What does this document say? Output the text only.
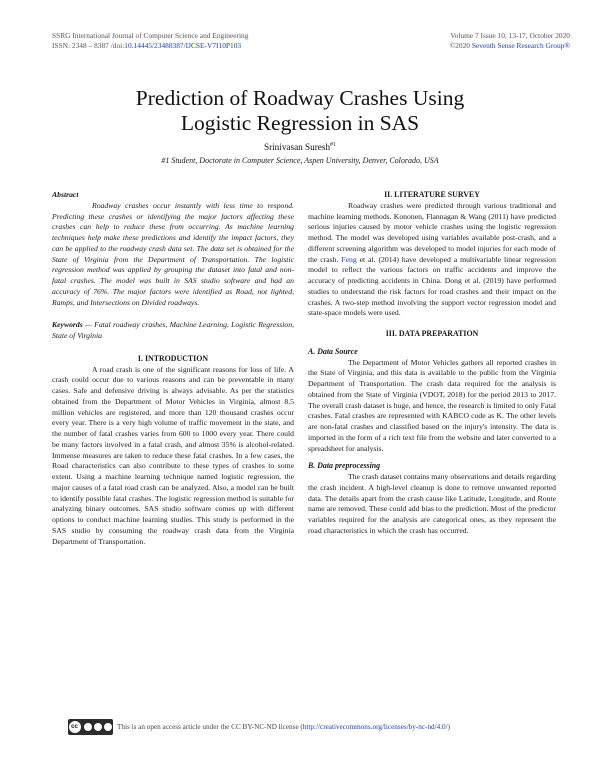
SSRG International Journal of Computer Science and Engineering
ISSN: 2348 – 8387 /doi:10.14445/23488387/IJCSE-V7I10P103
Volume 7 Issue 10, 13-17, October 2020
©2020 Seventh Sense Research Group®
Prediction of Roadway Crashes Using
Logistic Regression in SAS
Srinivasan Suresh$^{\#1}$
#1 Student, Doctorate in Computer Science, Aspen University, Denver, Colorado, USA
Abstract

Roadway crashes occur instantly with less time to respond. Predicting these crashes or identifying the major factors affecting these crashes can help to reduce these from occurring. As machine learning techniques help make these predictions and identify the impact factors, they can be applied to the roadway crash data set. The data set is obtained for the State of Virginia from the Department of Transportation. The logistic regression method was applied by grouping the dataset into fatal and non-fatal crashes. The model was built in SAS studio software and had an accuracy of 76%. The major factors were identified as Road, not lighted, Ramps, and Intersections on Divided roadways.

Keywords — Fatal roadway crashes, Machine Learning, Logistic Regression, State of Virginia
I. INTRODUCTION

A road crash is one of the significant reasons for loss of life. A crash could occur due to various reasons and can be preventable in many cases. Safe and defensive driving is always advisable. As per the statistics obtained from the Department of Motor Vehicles in Virginia, almost 8.5 million vehicles are registered, and more than 120 thousand crashes occur every year. There is a very high volume of traffic movement in the state, and the number of fatal crashes varies from 600 to 1000 every year. There could be many factors involved in a fatal crash, and almost 35% is alcohol-related. Immense measures are taken to reduce these fatal crashes. In a few cases, the Road characteristics can also contribute to these types of crashes to some extent. Using a machine learning technique named logistic regression, the major causes of a fatal road crash can be analyzed. Also, a model can be built to identify possible fatal crashes. The logistic regression method is suitable for analyzing binary outcomes. SAS studio software comes up with different options to conduct machine learning studies. This study is performed in the SAS studio by consuming the roadway crash data from the Virginia Department of Transportation.

II. LITERATURE SURVEY

Roadway crashes were predicted through various traditional and machine learning methods. Kononen, Flannagan & Wang (2011) have predicted serious injuries caused by motor vehicle crashes using the logistic regression method. The model was developed using variables available post-crash, and a different screening algorithm was developed to model injuries for each mode of the crash. Feng et al. (2014) have developed a multivariable linear regression model to reflect the various factors on traffic accidents and improve the accuracy of predicting accidents in China. Dong et al. (2019) have performed studies to understand the risk factors for road crashes and their impact on the crashes. A two-step method involving the support vector regression model and state-space models were used.

III. DATA PREPARATION
A. Data Source

The Department of Motor Vehicles gathers all reported crashes in the State of Virginia, and this data is available to the public from the Virginia Department of Transportation. The crash data required for the analysis is obtained from the State of Virginia (VDOT, 2018) for the period 2013 to 2017. The overall crash dataset is huge, and hence, the research is limited to only Fatal crashes. Fatal crashes are represented with KABCO code as K. The other levels are non-fatal crashes and classified based on the injury's intensity. The data is imported in the form of a rich text file from the website and later converted to a spreadsheet for analysis.

B. Data preprocessing

The crash dataset contains many observations and details regarding the crash incident. A high-level cleanup is done to remove unwanted reported data. The details apart from the crash cause like Latitude, Longitude, and Route name are removed. These could add bias to the prediction. Most of the predictor variables required for the analysis are categorical ones, as they represent the road characteristics in which the crash has occurred.

cc	This is an open access article under the CC BY-NC-ND license (http://creativecommons.org/licenses/by-nc-nd/4.0/)
